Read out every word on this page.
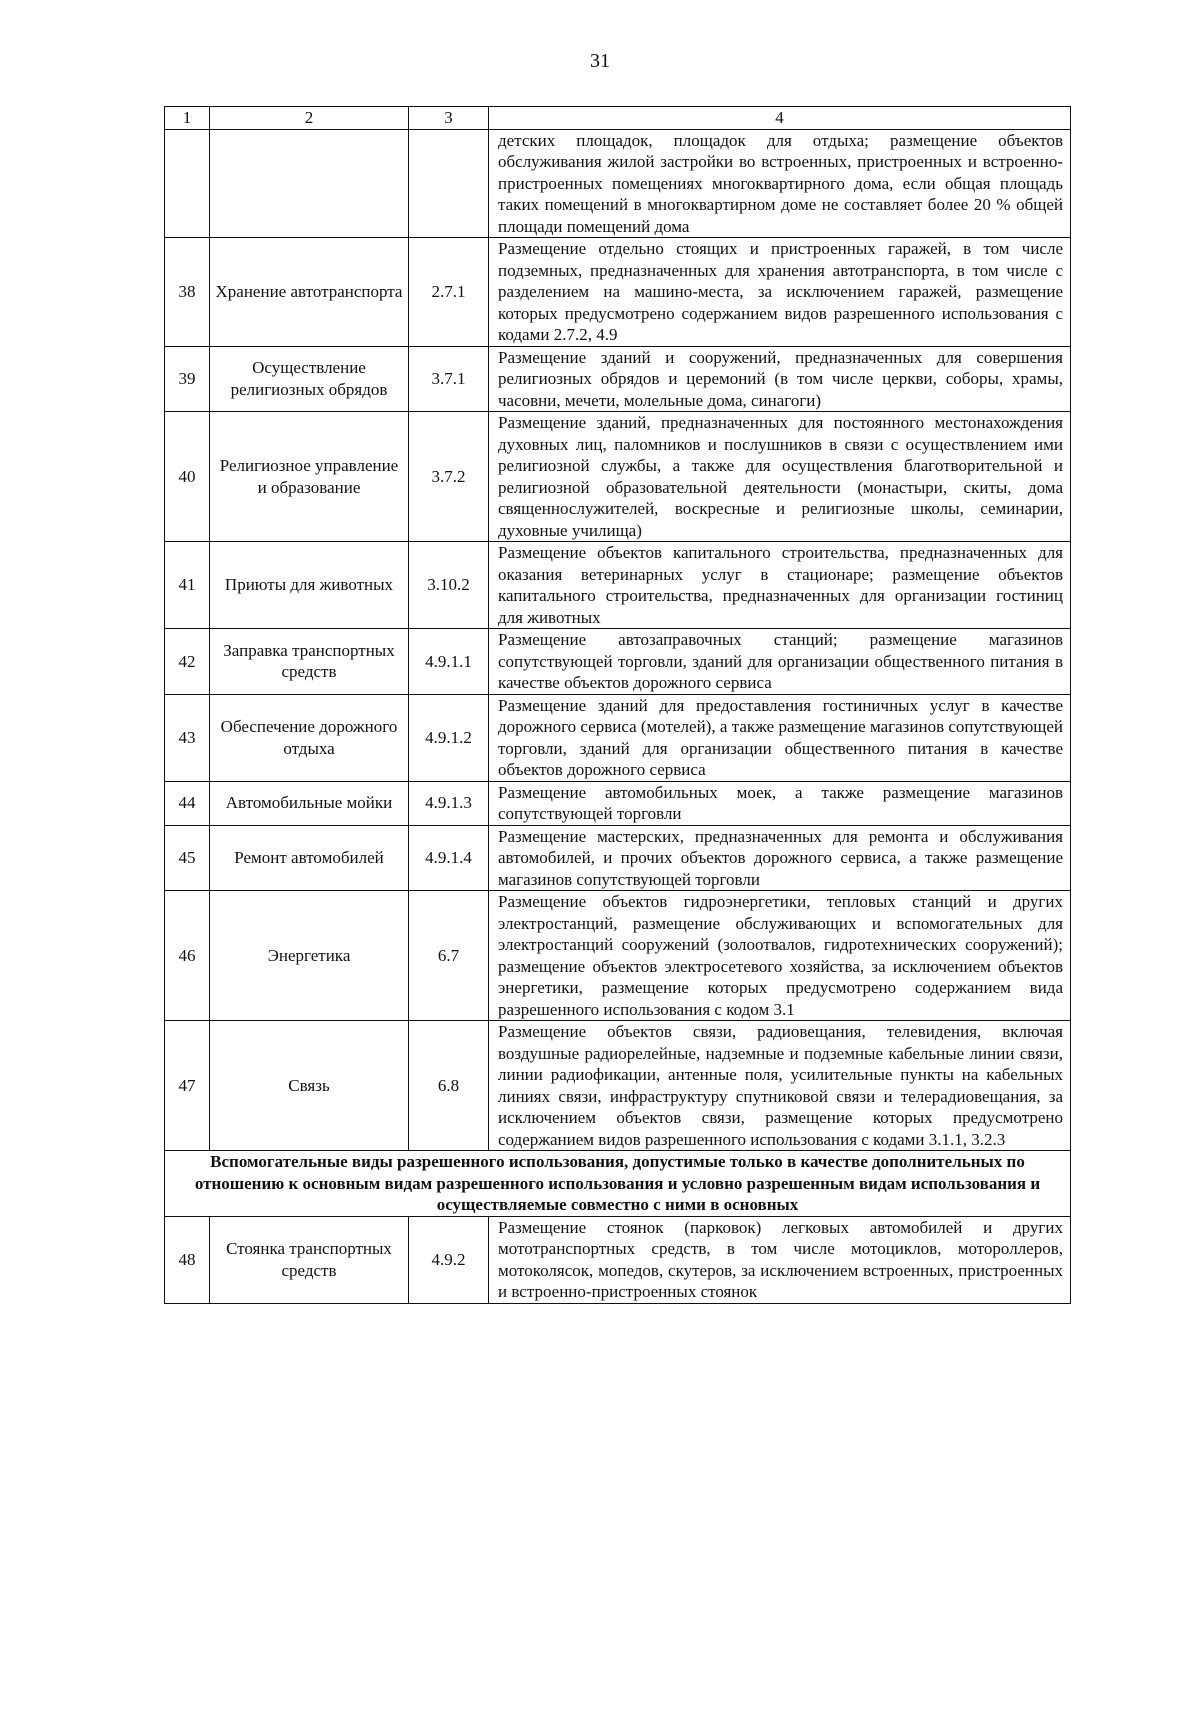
31
1	2	3	4
			детских площадок, площадок для отдыха; размещение объектов обслуживания жилой застройки во встроенных, пристроенных и встроенно-пристроенных помещениях многоквартирного дома, если общая площадь таких помещений в многоквартирном доме не составляет более 20 % общей площади помещений дома
38	Хранение автотранспорта	2.7.1	Размещение отдельно стоящих и пристроенных гаражей, в том числе подземных, предназначенных для хранения автотранспорта, в том числе с разделением на машино-места, за исключением гаражей, размещение которых предусмотрено содержанием видов разрешенного использования с кодами 2.7.2, 4.9
39	Осуществление религиозных обрядов	3.7.1	Размещение зданий и сооружений, предназначенных для совершения религиозных обрядов и церемоний (в том числе церкви, соборы, храмы, часовни, мечети, молельные дома, синагоги)
40	Религиозное управление и образование	3.7.2	Размещение зданий, предназначенных для постоянного местонахождения духовных лиц, паломников и послушников в связи с осуществлением ими религиозной службы, а также для осуществления благотворительной и религиозной образовательной деятельности (монастыри, скиты, дома священнослужителей, воскресные и религиозные школы, семинарии, духовные училища)
41	Приюты для животных	3.10.2	Размещение объектов капитального строительства, предназначенных для оказания ветеринарных услуг в стационаре; размещение объектов капитального строительства, предназначенных для организации гостиниц для животных
42	Заправка транспортных средств	4.9.1.1	Размещение автозаправочных станций; размещение магазинов сопутствующей торговли, зданий для организации общественного питания в качестве объектов дорожного сервиса
43	Обеспечение дорожного отдыха	4.9.1.2	Размещение зданий для предоставления гостиничных услуг в качестве дорожного сервиса (мотелей), а также размещение магазинов сопутствующей торговли, зданий для организации общественного питания в качестве объектов дорожного сервиса
44	Автомобильные мойки	4.9.1.3	Размещение автомобильных моек, а также размещение магазинов сопутствующей торговли
45	Ремонт автомобилей	4.9.1.4	Размещение мастерских, предназначенных для ремонта и обслуживания автомобилей, и прочих объектов дорожного сервиса, а также размещение магазинов сопутствующей торговли
46	Энергетика	6.7	Размещение объектов гидроэнергетики, тепловых станций и других электростанций, размещение обслуживающих и вспомогательных для электростанций сооружений (золоотвалов, гидротехнических сооружений); размещение объектов электросетевого хозяйства, за исключением объектов энергетики, размещение которых предусмотрено содержанием вида разрешенного использования с кодом 3.1
47	Связь	6.8	Размещение объектов связи, радиовещания, телевидения, включая воздушные радиорелейные, надземные и подземные кабельные линии связи, линии радиофикации, антенные поля, усилительные пункты на кабельных линиях связи, инфраструктуру спутниковой связи и телерадиовещания, за исключением объектов связи, размещение которых предусмотрено содержанием видов разрешенного использования с кодами 3.1.1, 3.2.3
Вспомогательные виды разрешенного использования, допустимые только в качестве дополнительных по отношению к основным видам разрешенного использования и условно разрешенным видам использования и осуществляемые совместно с ними в основных			
48	Стоянка транспортных средств	4.9.2	Размещение стоянок (парковок) легковых автомобилей и других мототранспортных средств, в том числе мотоциклов, мотороллеров, мотоколясок, мопедов, скутеров, за исключением встроенных, пристроенных и встроенно-пристроенных стоянок
